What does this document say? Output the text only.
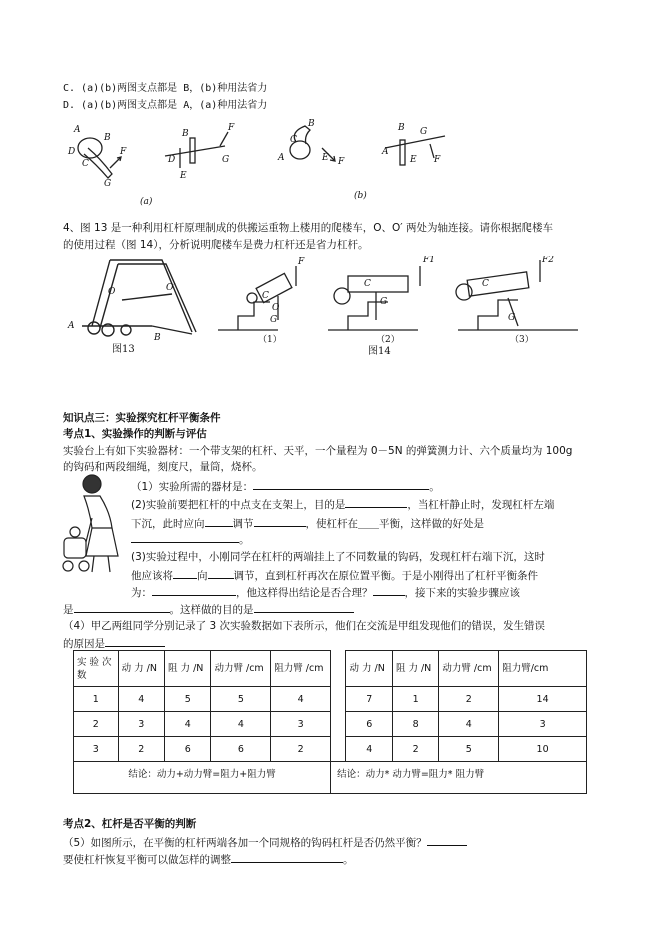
C. (a)(b)两图支点都是 B，(b)种用法省力
D. (a)(b)两图支点都是 A，(a)种用法省力
A
B
D
C
F
G
B
F
D
E
G
B
C
A	E F
B G
A
E F
(a)
(b)
4、图 13 是一种利用杠杆原理制成的供搬运重物上楼用的爬楼车，O、O′ 两处为轴连接。请你根据爬楼车
的使用过程（图 14），分析说明爬楼车是费力杠杆还是省力杠杆。
O	O′
A
B
图13
F
C
O
G
F1
C
G
F2
C
G
（1）	（2）	（3）
图14
知识点三：实验探究杠杆平衡条件
考点1、实验操作的判断与评估
实验台上有如下实验器材：一个带支架的杠杆、天平，一个量程为 0－5N 的弹簧测力计、六个质量均为 100g
的钩码和两段细绳，刻度尺，量筒，烧杯。
（1）实验所需的器材是：	。
(2)实验前要把杠杆的中点支在支架上，目的是	，当杠杆静止时，发现杠杆左端
下沉，此时应向	调节	，使杠杆在＿＿平衡，这样做的好处是
。
(3)实验过程中，小刚同学在杠杆的两端挂上了不同数量的钩码，发现杠杆右端下沉，这时
他应该将 向 调节，直到杠杆再次在原位置平衡。于是小刚得出了杠杆平衡条件
为：	，他这样得出结论是否合理？	，接下来的实验步骤应该
是	。这样做的目的是
（4）甲乙两组同学分别记录了 3 次实验数据如下表所示，他们在交流是甲组发现他们的错误，发生错误
的原因是
实 验 次数	动 力 /N	阻 力 /N	动力臂 /cm	阻力臂 /cm		动 力 /N	阻 力 /N	动力臂 /cm	阻力臂/cm
1	4	5	5	4		7	1	2	14
2	3	4	4	3		6	8	4	3
3	2	6	6	2		4	2	5	10
结论：动力+动力臂=阻力+阻力臂					结论：动力* 动力臂=阻力* 阻力臂				
考点2、杠杆是否平衡的判断
（5）如图所示，在平衡的杠杆两端各加一个同规格的钩码杠杆是否仍然平衡？
要使杠杆恢复平衡可以做怎样的调整	。
